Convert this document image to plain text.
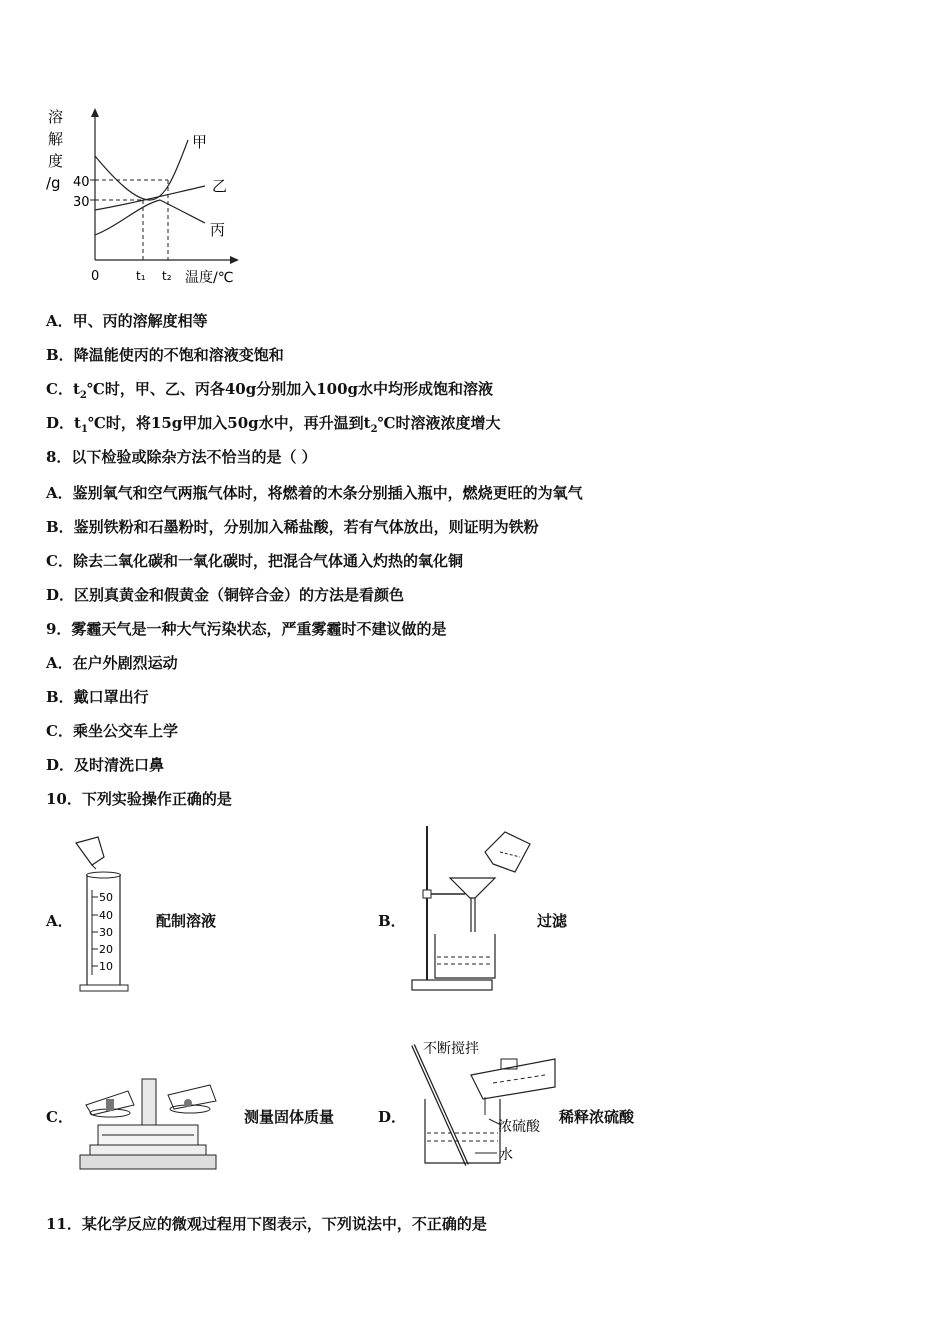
溶
解
度
/g 40
30
0	t₁ t₂ 温度/℃
甲
乙
丙
A．甲、丙的溶解度相等
B．降温能使丙的不饱和溶液变饱和
C．$t_2℃$时，甲、乙、丙各40g分别加入100g水中均形成饱和溶液
D．$t_1℃$时，将15g甲加入50g水中，再升温到$t_2℃$时溶液浓度增大
8．以下检验或除杂方法不恰当的是（ ）
A．鉴别氧气和空气两瓶气体时，将燃着的木条分别插入瓶中，燃烧更旺的为氧气
B．鉴别铁粉和石墨粉时，分别加入稀盐酸，若有气体放出，则证明为铁粉
C．除去二氧化碳和一氧化碳时，把混合气体通入灼热的氧化铜
D．区别真黄金和假黄金（铜锌合金）的方法是看颜色
9．雾霾天气是一种大气污染状态，严重雾霾时不建议做的是
A．在户外剧烈运动
B．戴口罩出行
C．乘坐公交车上学
D．及时清洗口鼻
10．下列实验操作正确的是
A．
50
40
30
20
10
配制溶液	B．	过滤
C．	测量固体质量	D．
不断搅拌
浓硫酸
水
稀释浓硫酸
11．某化学反应的微观过程用下图表示，下列说法中，不正确的是
